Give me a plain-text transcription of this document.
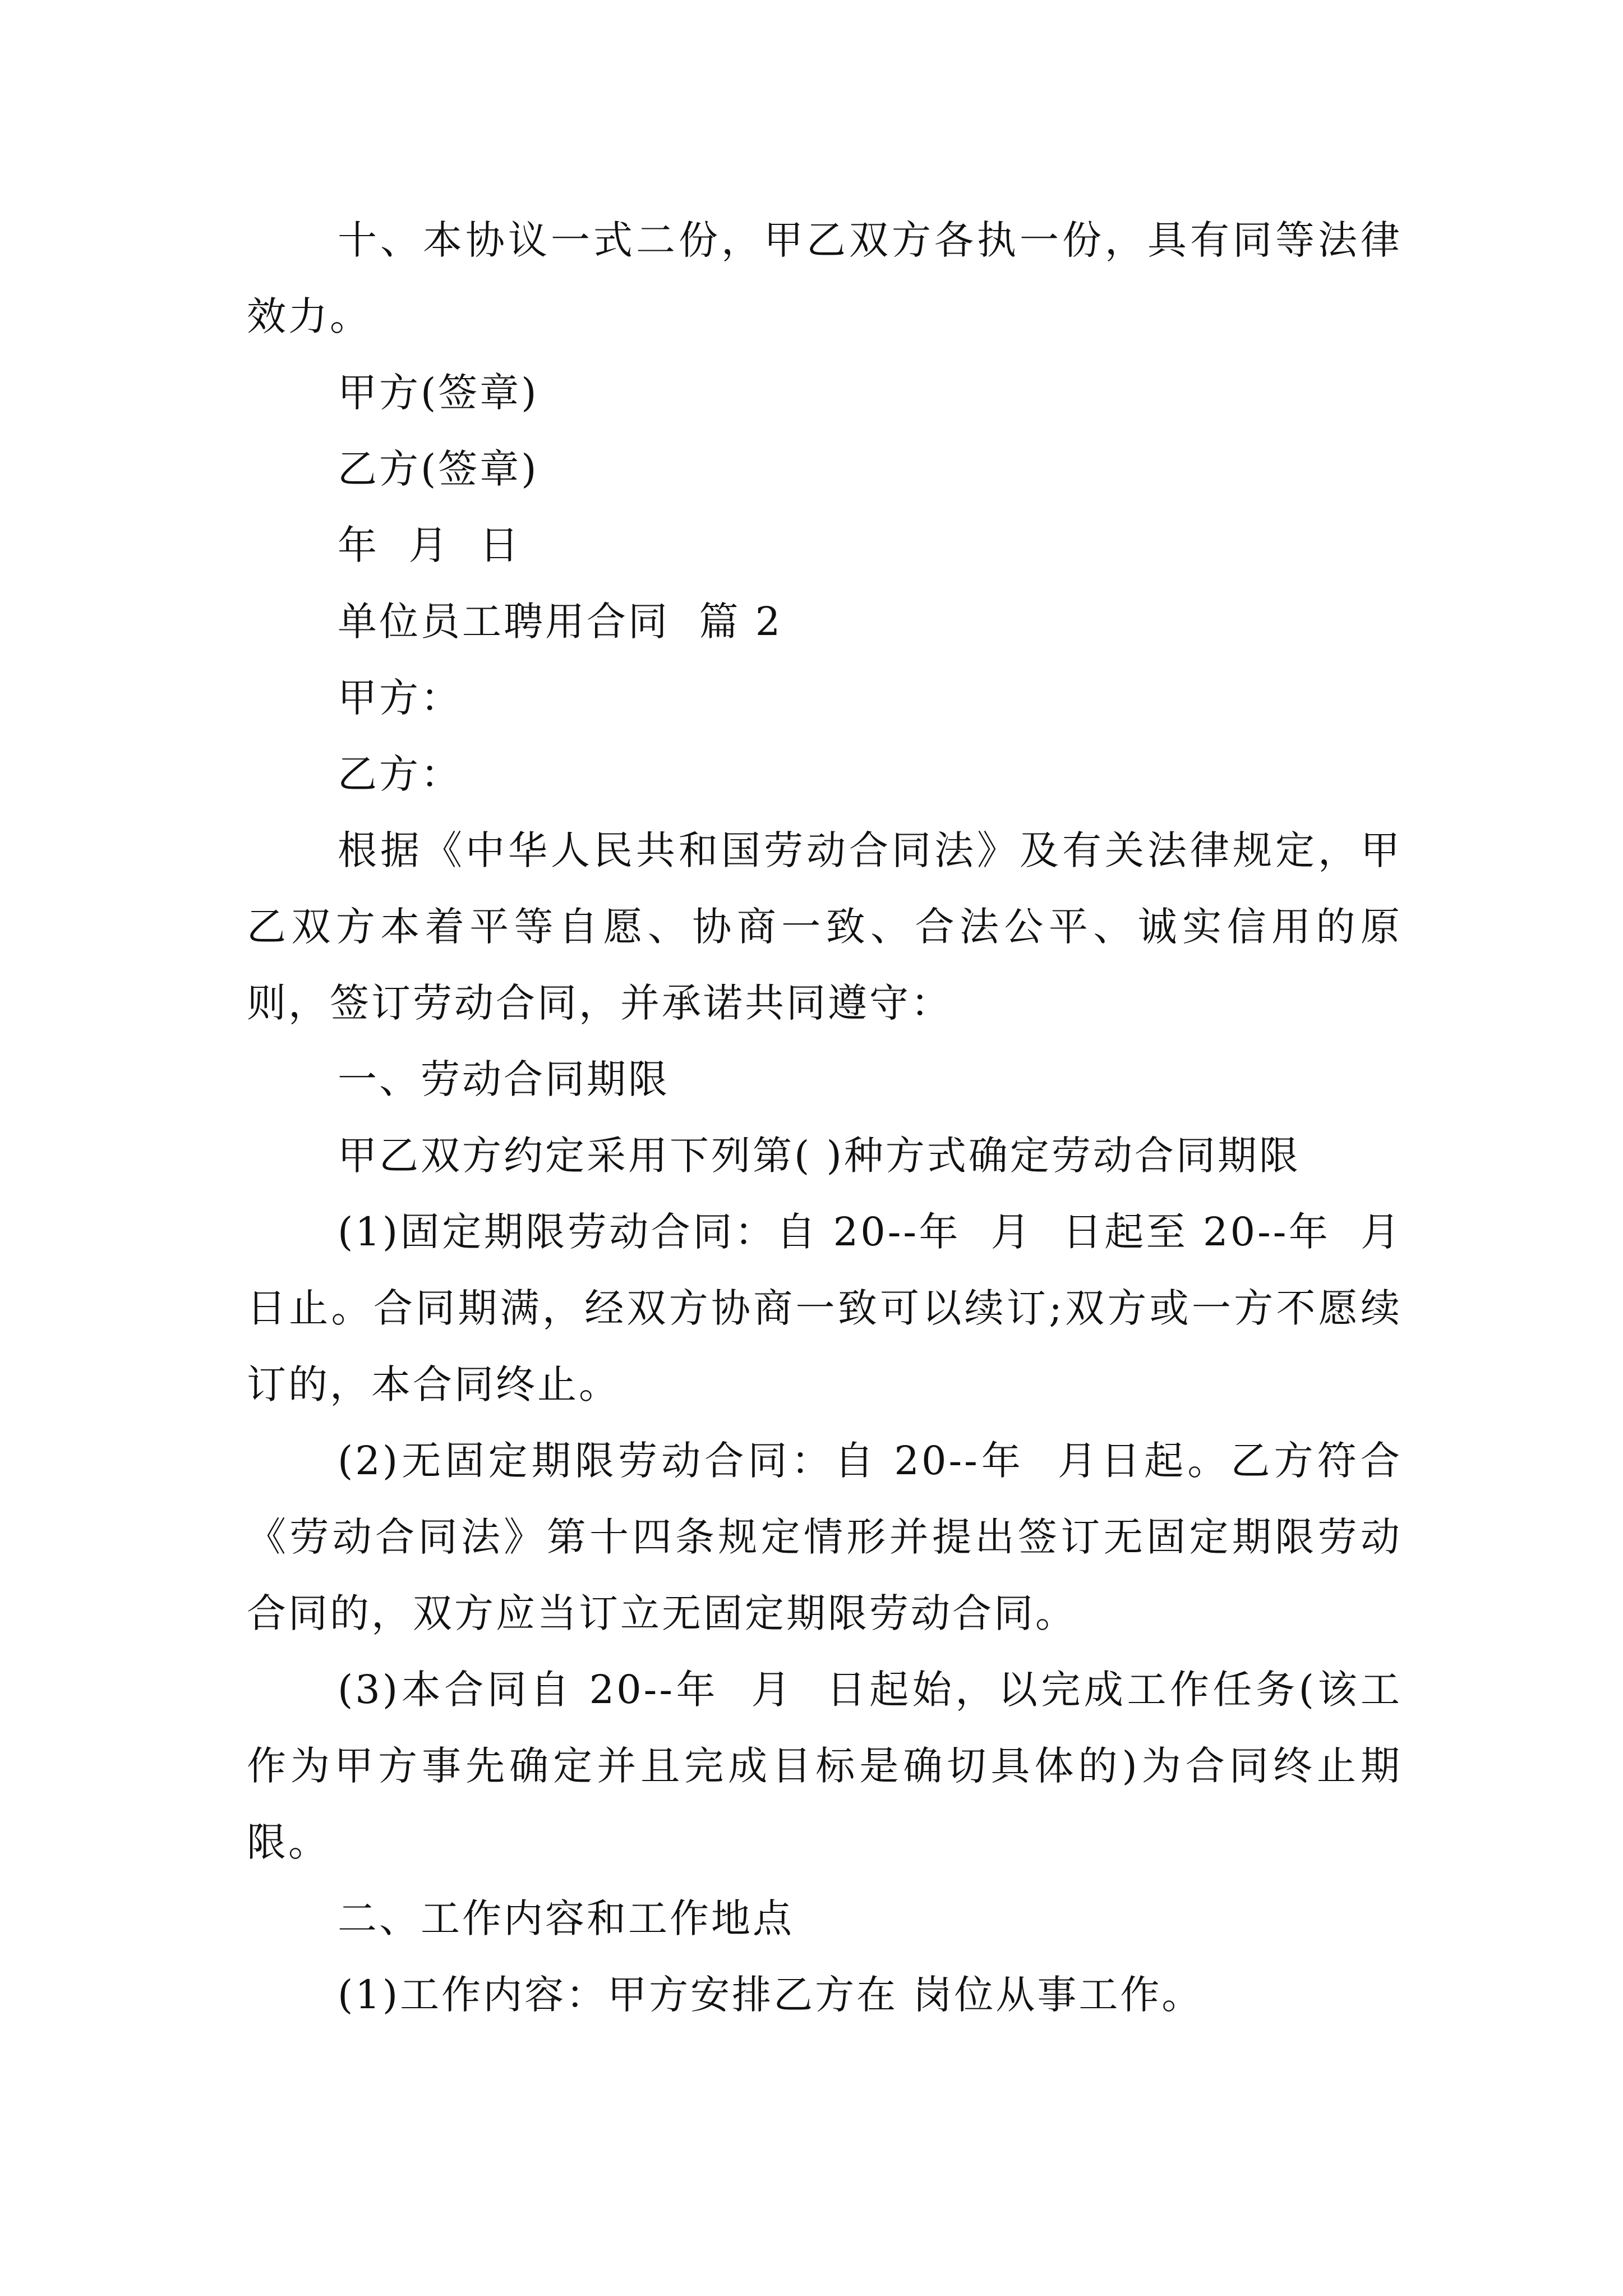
十、本协议一式二份，甲乙双方各执一份，具有同等法律效力。

甲方(签章)

乙方(签章)

年  月  日

单位员工聘用合同  篇 2

甲方：

乙方：

根据《中华人民共和国劳动合同法》及有关法律规定，甲乙双方本着平等自愿、协商一致、合法公平、诚实信用的原则，签订劳动合同，并承诺共同遵守：

一、劳动合同期限

甲乙双方约定采用下列第( )种方式确定劳动合同期限

(1)固定期限劳动合同：自 20--年  月  日起至 20--年  月  日止。合同期满，经双方协商一致可以续订;双方或一方不愿续订的，本合同终止。

(2)无固定期限劳动合同：自 20--年  月日起。乙方符合《劳动合同法》第十四条规定情形并提出签订无固定期限劳动合同的，双方应当订立无固定期限劳动合同。

(3)本合同自 20--年  月  日起始，以完成工作任务(该工作为甲方事先确定并且完成目标是确切具体的)为合同终止期限。

二、工作内容和工作地点

(1)工作内容：甲方安排乙方在 岗位从事工作。
